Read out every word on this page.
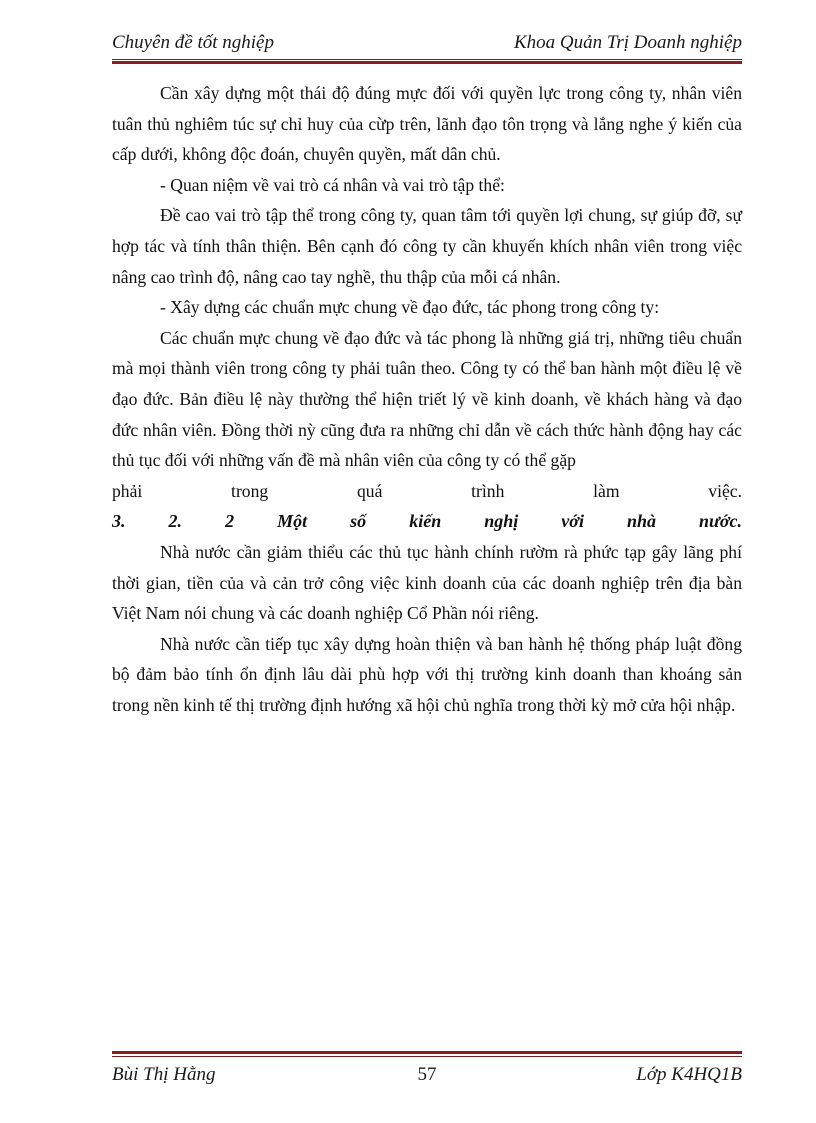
Chuyên đề tốt nghiệp	Khoa Quản Trị Doanh nghiệp

Cần xây dựng một thái độ đúng mực đối với quyền lực trong công ty, nhân viên tuân thủ nghiêm túc sự chỉ huy của cừp trên, lãnh đạo tôn trọng và lắng nghe ý kiến của cấp dưới, không độc đoán, chuyên quyền, mất dân chủ.

- Quan niệm về vai trò cá nhân và vai trò tập thể:

Đề cao vai trò tập thể trong công ty, quan tâm tới quyền lợi chung, sự giúp đỡ, sự hợp tác và tính thân thiện. Bên cạnh đó công ty cần khuyến khích nhân viên trong việc nâng cao trình độ, nâng cao tay nghề, thu thập của mỗi cá nhân.

- Xây dựng các chuẩn mực chung về đạo đức, tác phong trong công ty:

Các chuẩn mực chung về đạo đức và tác phong là những giá trị, những tiêu chuẩn mà mọi thành viên trong công ty phải tuân theo. Công ty có thể ban hành một điều lệ về đạo đức. Bản điều lệ này thường thể hiện triết lý về kinh doanh, về khách hàng và đạo đức nhân viên. Đồng thời nỳ cũng đưa ra những chỉ dẫn về cách thức hành động hay các thủ tục đối với những vấn đề mà nhân viên của công ty có thể gặp

phải trong quá trình làm việc.

3. 2. 2 Một số kiến nghị với nhà nước.

Nhà nước cần giảm thiểu các thủ tục hành chính rườm rà phức tạp gây lãng phí thời gian, tiền của và cản trở công việc kinh doanh của các doanh nghiệp trên địa bàn Việt Nam nói chung và các doanh nghiệp Cổ Phần nói riêng.

Nhà nước cần tiếp tục xây dựng hoàn thiện và ban hành hệ thống pháp luật đồng bộ đảm bảo tính ổn định lâu dài phù hợp với thị trường kinh doanh than khoáng sản trong nền kinh tế thị trường định hướng xã hội chủ nghĩa trong thời kỳ mở cửa hội nhập.

Bùi Thị Hằng	57	Lớp K4HQ1B
